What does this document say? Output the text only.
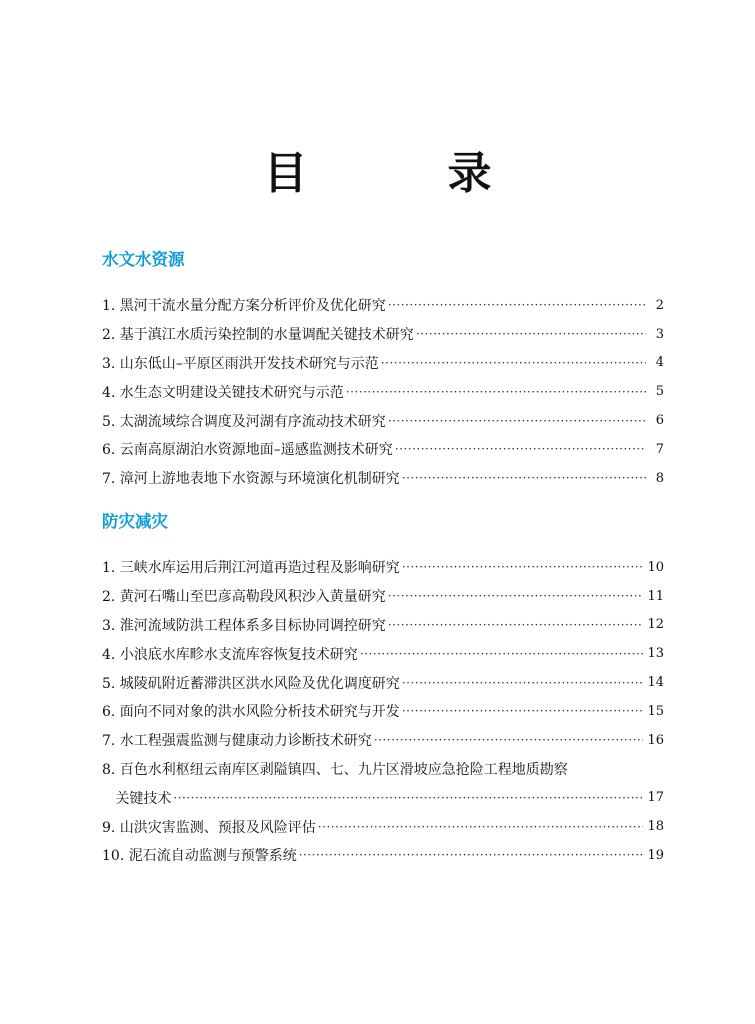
目　录
水文水资源
1. 黑河干流水量分配方案分析评价及优化研究 ·····	2
2. 基于滇江水质污染控制的水量调配关键技术研究 ·····	3
3. 山东低山–平原区雨洪开发技术研究与示范 ·····	4
4. 水生态文明建设关键技术研究与示范 ·····	5
5. 太湖流域综合调度及河湖有序流动技术研究 ·····	6
6. 云南高原湖泊水资源地面–遥感监测技术研究 ·····	7
7. 漳河上游地表地下水资源与环境演化机制研究 ·····	8
防灾减灾
1. 三峡水库运用后荆江河道再造过程及影响研究 ·····	10
2. 黄河石嘴山至巴彦高勒段风积沙入黄量研究 ·····	11
3. 淮河流域防洪工程体系多目标协同调控研究 ·····	12
4. 小浪底水库畛水支流库容恢复技术研究 ·····	13
5. 城陵矶附近蓄滞洪区洪水风险及优化调度研究 ·····	14
6. 面向不同对象的洪水风险分析技术研究与开发 ·····	15
7. 水工程强震监测与健康动力诊断技术研究 ·····	16
8. 百色水利枢纽云南库区剥隘镇四、七、九片区滑坡应急抢险工程地质勘察
关键技术 ·····	17
9. 山洪灾害监测、预报及风险评估 ·····	18
10. 泥石流自动监测与预警系统 ·····	19
